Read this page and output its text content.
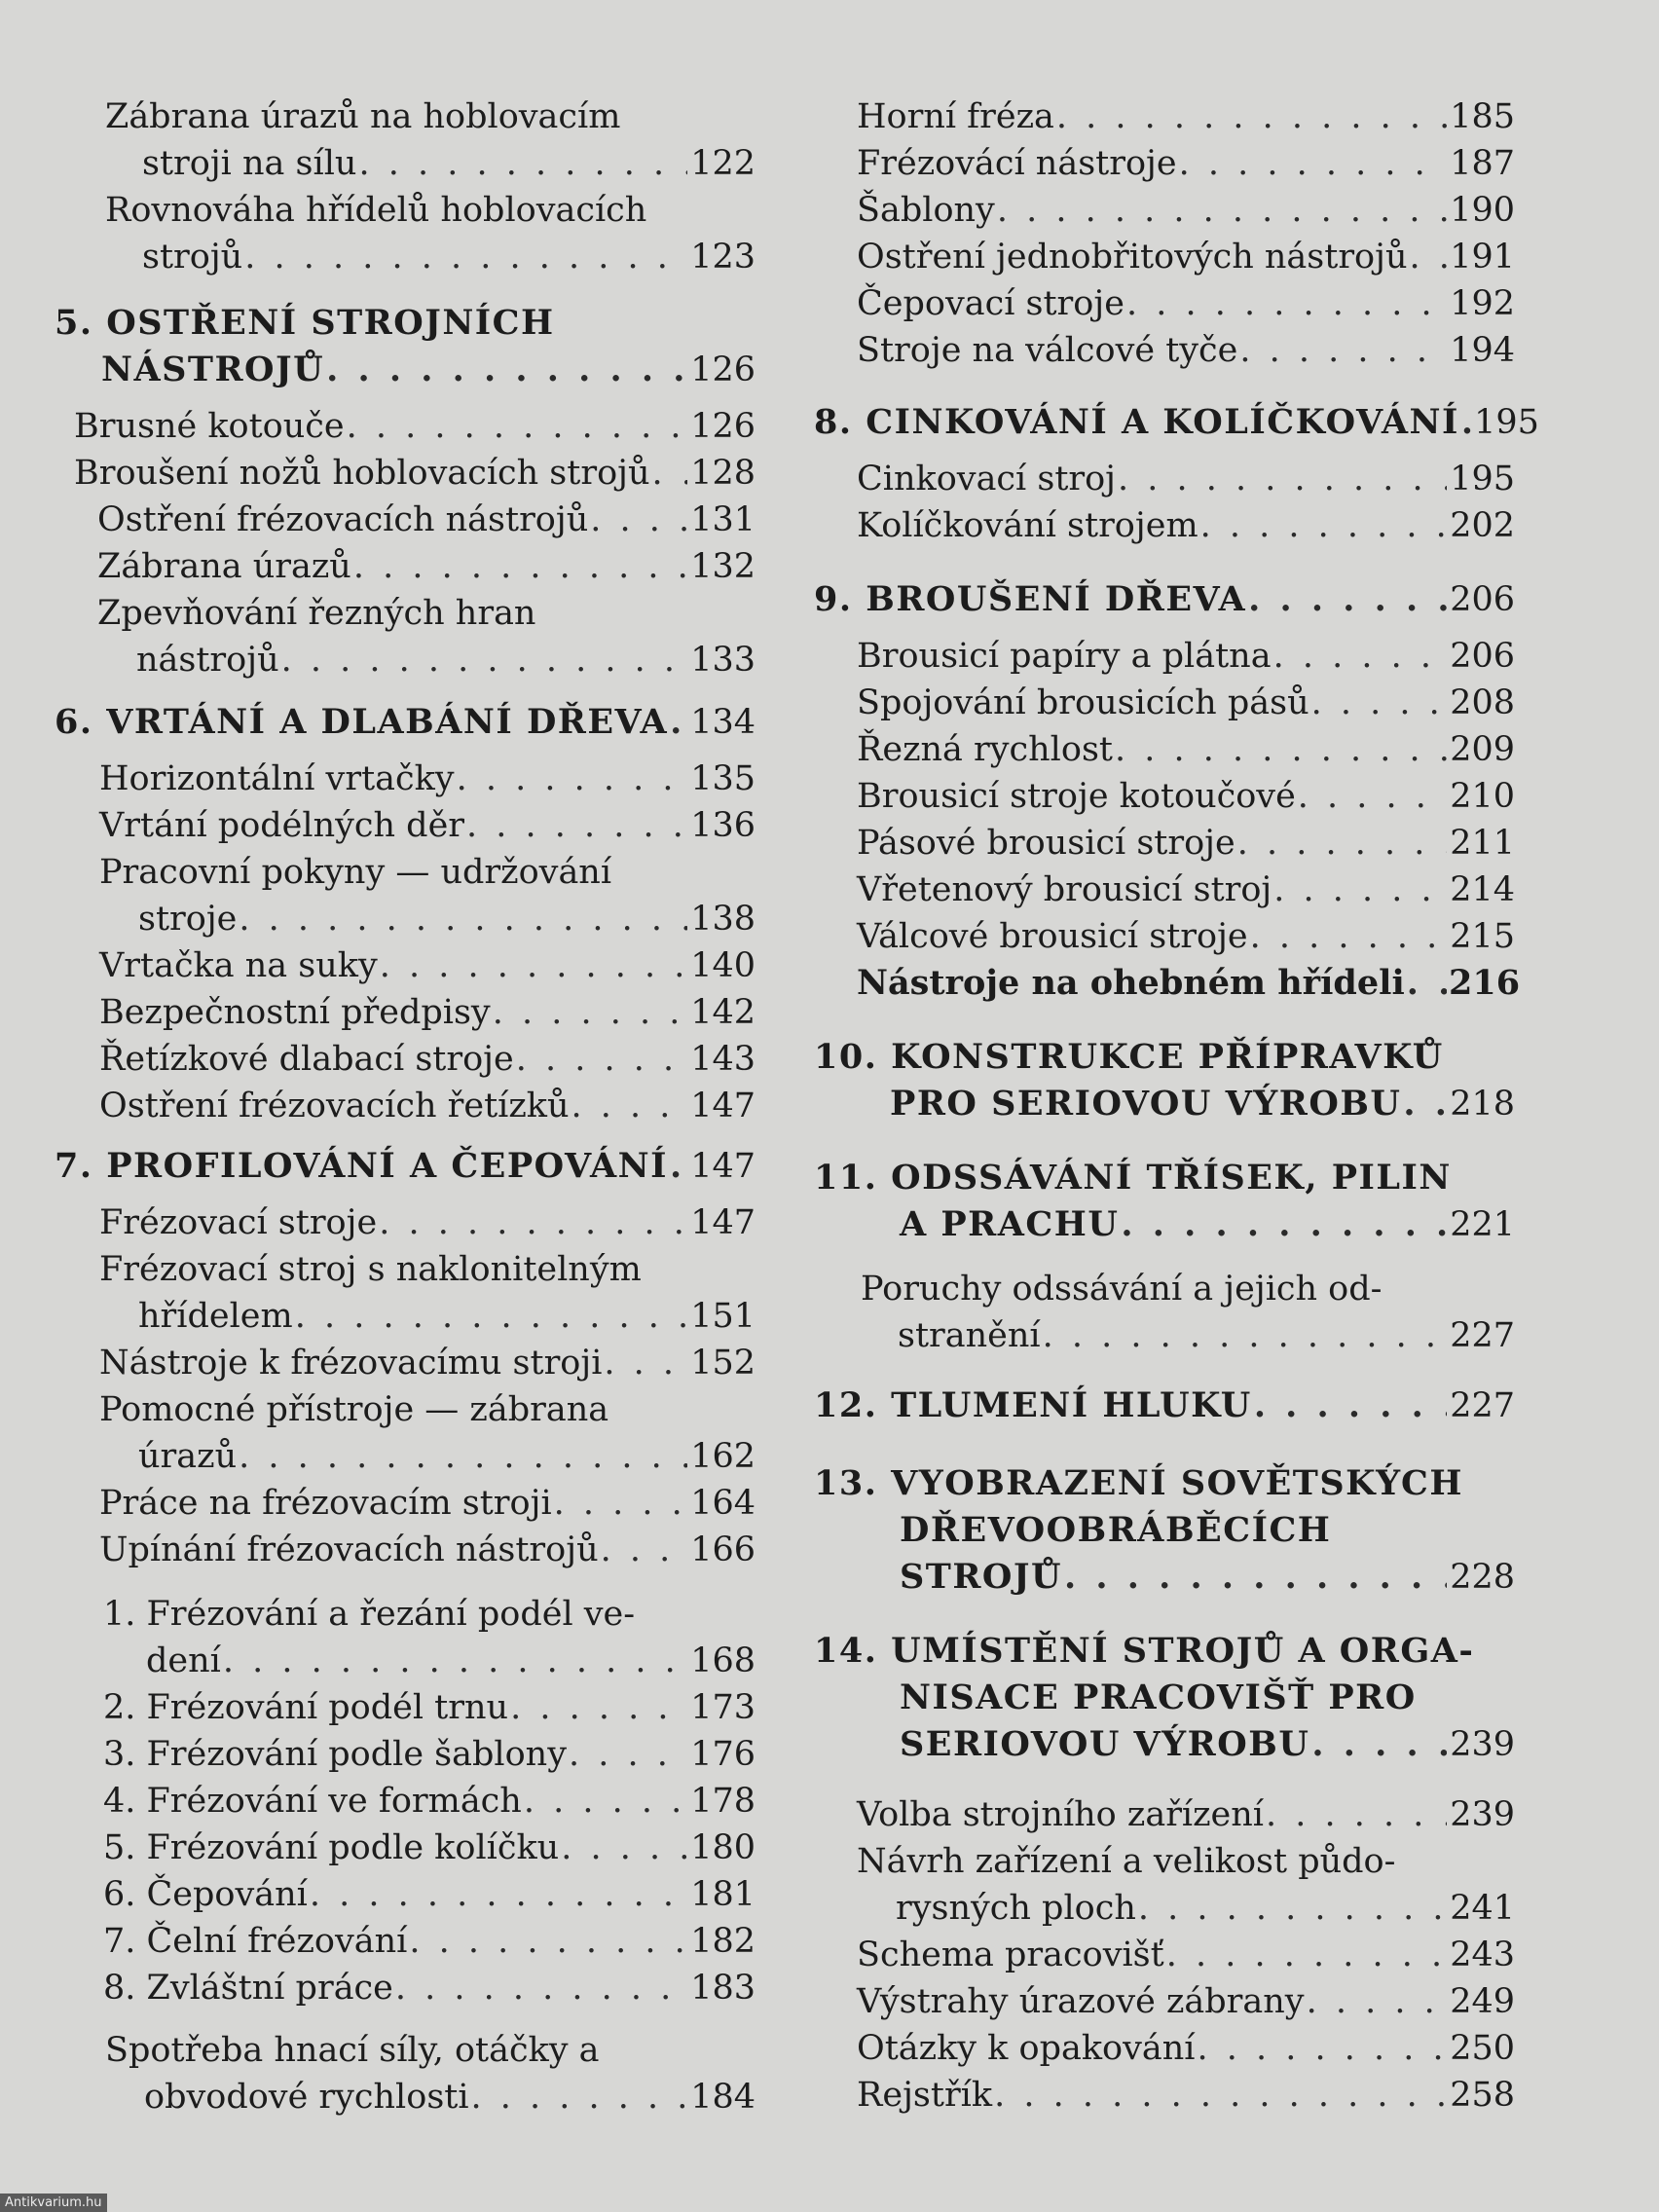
Zábrana úrazů na hoblovacím
stroji na sílu . . .	122
Rovnováha hřídelů hoblovacích
strojů . . .	123
5. OSTŘENÍ STROJNÍCH
NÁSTROJŮ . . .	126
Brusné kotouče . . .	126
Broušení nožů hoblovacích strojů . . . 128
Ostření frézovacích nástrojů . . .	131
Zábrana úrazů . . .	132
Zpevňování řezných hran
nástrojů . . .	133
6.
VRTÁNÍ A DLABÁNÍ DŘEVA . . . 134
Horizontální vrtačky . . .	135
Vrtání podélných děr . . .	136
Pracovní pokyny — udržování
stroje . . .	138
Vrtačka na suky . . .	140
Bezpečnostní předpisy . . .	142
Řetízkové dlabací stroje . . .	143
Ostření frézovacích řetízků . . .	147
7.
PROFILOVÁNÍ A ČEPOVÁNÍ . . . 147
Frézovací stroje . . .	147
Frézovací stroj s naklonitelným
hřídelem . . .	151
Nástroje k frézovacímu stroji . . .	152
Pomocné přístroje — zábrana
úrazů . . .	162
Práce na frézovacím stroji . . .	164
Upínání frézovacích nástrojů . . .	166
1. Frézování a řezání podél ve-
dení . . .	168
2. Frézování podél trnu . . .	173
3. Frézování podle šablony . . .	176
4. Frézování ve formách . . .	178
5. Frézování podle kolíčku . . .	180
6. Čepování . . .	181
7. Čelní frézování . . .	182
8. Zvláštní práce . . .	183
Spotřeba hnací síly, otáčky a
obvodové rychlosti . . .	184
Horní fréza . . .	185
Frézovácí nástroje . . .	187
Šablony . . .	190
Ostření jednobřitových nástrojů . . . 191
Čepovací stroje . . .	192
Stroje na válcové tyče . . .	194
8.
CINKOVÁNÍ A KOLÍČKOVÁNÍ . . . 195
Cinkovací stroj . . .	195
Kolíčkování strojem . . .	202
9.
BROUŠENÍ DŘEVA . . .	206
Brousicí papíry a plátna . . .	206
Spojování brousicích pásů . . .	208
Řezná rychlost . . .	209
Brousicí stroje kotoučové . . .	210
Pásové brousicí stroje . . .	211
Vřetenový brousicí stroj . . .	214
Válcové brousicí stroje . . .	215
Nástroje na ohebném hřídeli . . . 216
10. KONSTRUKCE PŘÍPRAVKŮ
PRO SERIOVOU VÝROBU . . . 218
11. ODSSÁVÁNÍ TŘÍSEK, PILIN
A PRACHU . . .	221
Poruchy odssávání a jejich od-
stranění . . .	227
12.
TLUMENÍ HLUKU . . .	227
13. VYOBRAZENÍ SOVĚTSKÝCH
DŘEVOOBRÁBĚCÍCH
STROJŮ . . .	228
14. UMÍSTĚNÍ STROJŮ A ORGA-
NISACE PRACOVIŠŤ PRO
SERIOVOU VÝROBU . . .	239
Volba strojního zařízení . . .	239
Návrh zařízení a velikost půdo-
rysných ploch . . .	241
Schema pracovišť . . .	243
Výstrahy úrazové zábrany . . .	249
Otázky k opakování . . .	250
Rejstřík . . .	258
Antikvarium.hu
